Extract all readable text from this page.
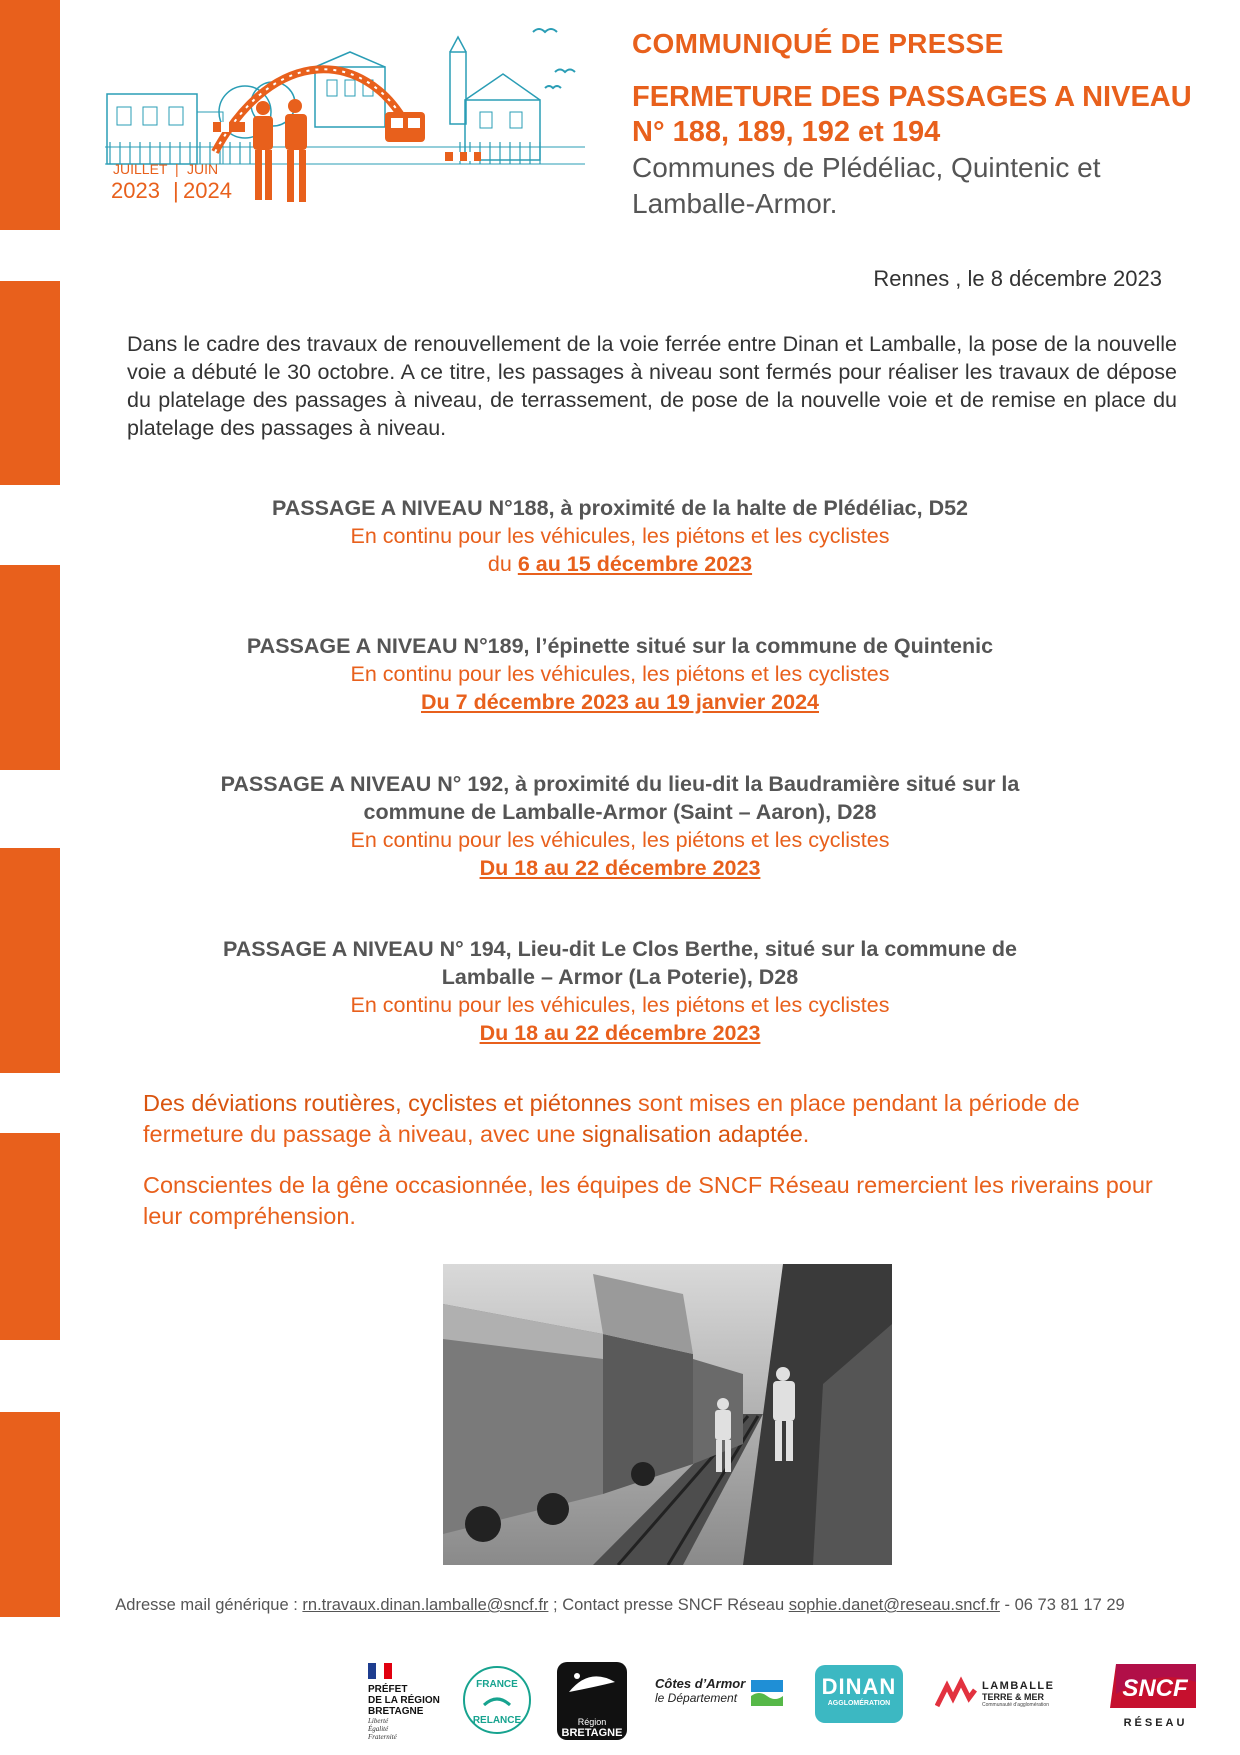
JUILLET | JUIN
2023 | 2024
COMMUNIQUÉ DE PRESSE
FERMETURE DES PASSAGES A NIVEAU
N° 188, 189, 192 et 194
Communes de Plédéliac, Quintenic et
Lamballe-Armor.
Rennes , le 8 décembre 2023
Dans le cadre des travaux de renouvellement de la voie ferrée entre Dinan et Lamballe, la pose de la nouvelle voie a débuté le 30 octobre. A ce titre, les passages à niveau sont fermés pour réaliser les travaux de dépose du platelage des passages à niveau, de terrassement, de pose de la nouvelle voie et de remise en place du platelage des passages à niveau.
PASSAGE A NIVEAU N°188, à proximité de la halte de Plédéliac, D52
En continu pour les véhicules, les piétons et les cyclistes
du 6 au 15 décembre 2023
PASSAGE A NIVEAU N°189, l’épinette situé sur la commune de Quintenic
En continu pour les véhicules, les piétons et les cyclistes
Du 7 décembre 2023 au 19 janvier 2024
PASSAGE A NIVEAU N° 192, à proximité du lieu-dit la Baudramière situé sur la
commune de Lamballe-Armor (Saint – Aaron), D28
En continu pour les véhicules, les piétons et les cyclistes
Du 18 au 22 décembre 2023
PASSAGE A NIVEAU N° 194, Lieu-dit Le Clos Berthe, situé sur la commune de
Lamballe – Armor (La Poterie), D28
En continu pour les véhicules, les piétons et les cyclistes
Du 18 au 22 décembre 2023
Des déviations routières, cyclistes et piétonnes sont mises en place pendant la période de fermeture du passage à niveau, avec une signalisation adaptée.
Conscientes de la gêne occasionnée, les équipes de SNCF Réseau remercient les riverains pour leur compréhension.
Adresse mail générique : rn.travaux.dinan.lamballe@sncf.fr ; Contact presse SNCF Réseau sophie.danet@reseau.sncf.fr - 06 73 81 17 29
PRÉFET
DE LA RÉGION
BRETAGNE
Liberté
Égalité
Fraternité
FRANCE
RELANCE	Région
BRETAGNE
Côtes d’Armor
le Département	DINAN
AGGLOMÉRATION
LAMBALLE
TERRE & MER
Communauté d’agglomération
SNCF
RÉSEAU
